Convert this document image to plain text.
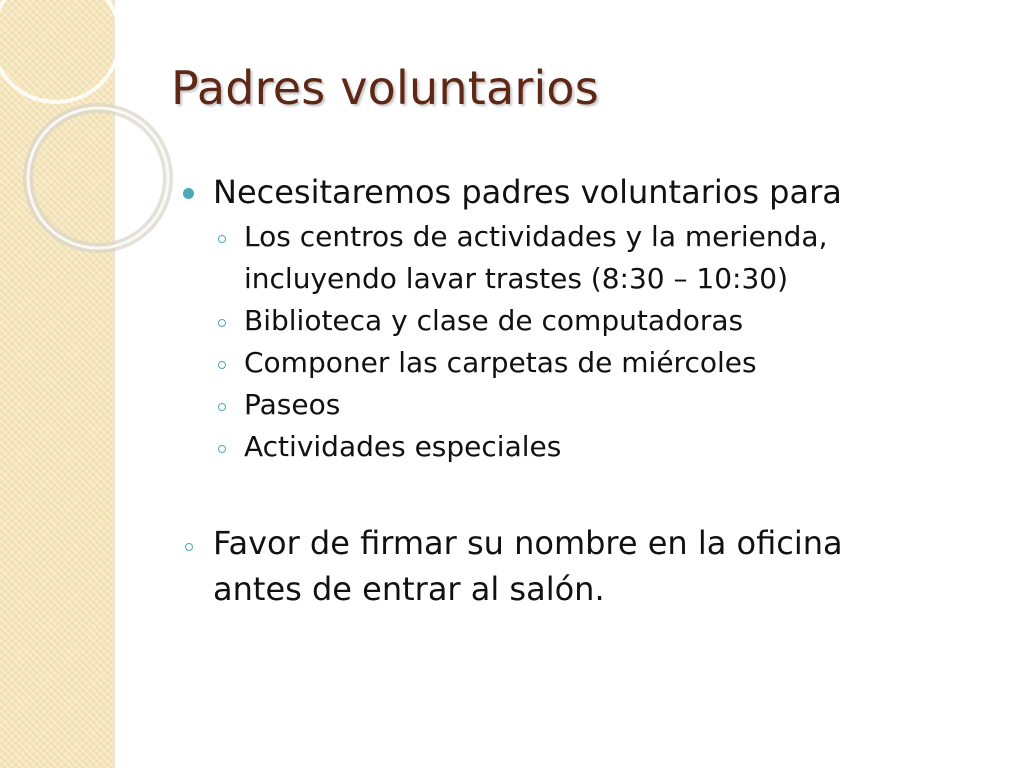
Padres voluntarios
Necesitaremos padres voluntarios para
Los centros de actividades y la merienda,
incluyendo lavar trastes (8:30 – 10:30)
Biblioteca y clase de computadoras
Componer las carpetas de miércoles
Paseos
Actividades especiales
Favor de firmar su nombre en la oficina
antes de entrar al salón.
